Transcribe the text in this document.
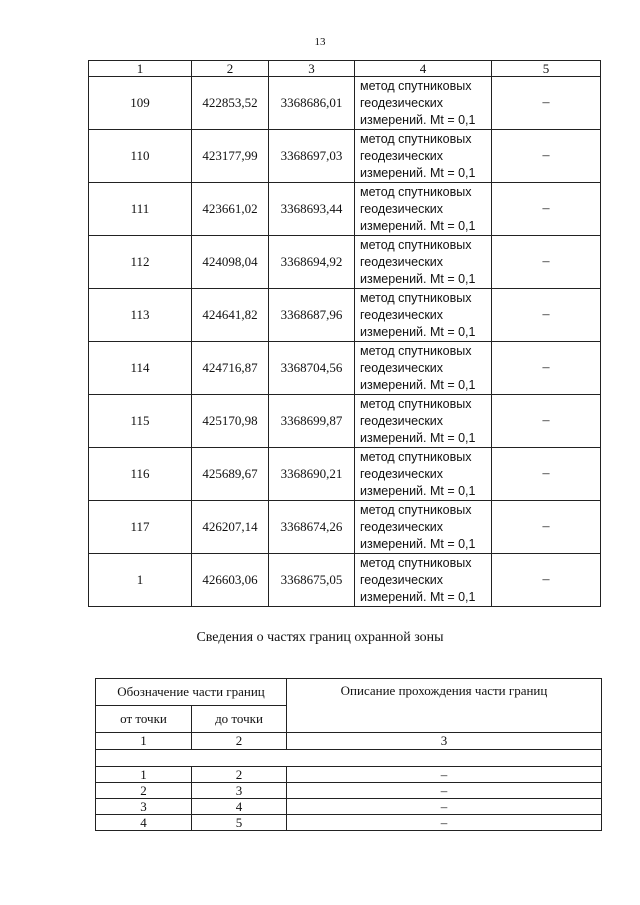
13
1	2	3	4	5
109	422853,52	3368686,01	метод спутниковых
геодезических
измерений. Mt = 0,1	–
110	423177,99	3368697,03	метод спутниковых
геодезических
измерений. Mt = 0,1	–
111	423661,02	3368693,44	метод спутниковых
геодезических
измерений. Mt = 0,1	–
112	424098,04	3368694,92	метод спутниковых
геодезических
измерений. Mt = 0,1	–
113	424641,82	3368687,96	метод спутниковых
геодезических
измерений. Mt = 0,1	–
114	424716,87	3368704,56	метод спутниковых
геодезических
измерений. Mt = 0,1	–
115	425170,98	3368699,87	метод спутниковых
геодезических
измерений. Mt = 0,1	–
116	425689,67	3368690,21	метод спутниковых
геодезических
измерений. Mt = 0,1	–
117	426207,14	3368674,26	метод спутниковых
геодезических
измерений. Mt = 0,1	–
1	426603,06	3368675,05	метод спутниковых
геодезических
измерений. Mt = 0,1	–
Сведения о частях границ охранной зоны
Обозначение части границ		Описание прохождения части границ
от точки	до точки	
1	2	3

1	2	–
2	3	–
3	4	–
4	5	–
